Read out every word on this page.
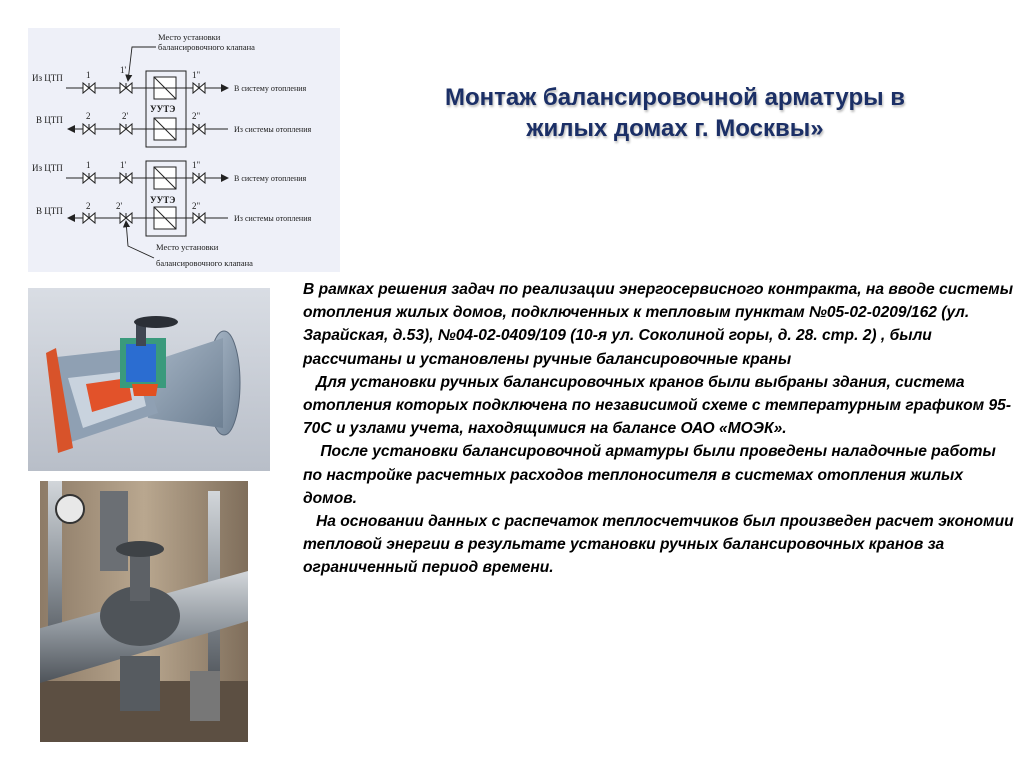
Место установки
балансировочного клапана
Место установки
балансировочного клапана
УУТЭ
УУТЭ
Из ЦТП	1	1'	1"
В систему отопления
В ЦТП	2	2'	2"
Из системы отопления
Из ЦТП	1	1'	1"
В систему отопления
В ЦТП	2	2'	2"
Из системы отопления
Монтаж балансировочной арматуры в
жилых домах г. Москвы»

В рамках решения задач по реализации энергосервисного контракта, на вводе системы отопления жилых домов, подключенных к тепловым пунктам №05-02-0209/162 (ул. Зарайская, д.53), №04-02-0409/109 (10-я ул. Соколиной горы, д. 28. стр. 2) , были рассчитаны и установлены ручные балансировочные краны

Для установки ручных балансировочных кранов были выбраны здания, система отопления которых подключена по независимой схеме с температурным графиком 95-70С и узлами учета, находящимися на балансе ОАО «МОЭК».

После установки балансировочной арматуры были проведены наладочные работы по настройке расчетных расходов теплоносителя в системах отопления жилых домов.

На основании данных с распечаток теплосчетчиков был произведен расчет экономии тепловой энергии в результате установки ручных балансировочных кранов за ограниченный период времени.
